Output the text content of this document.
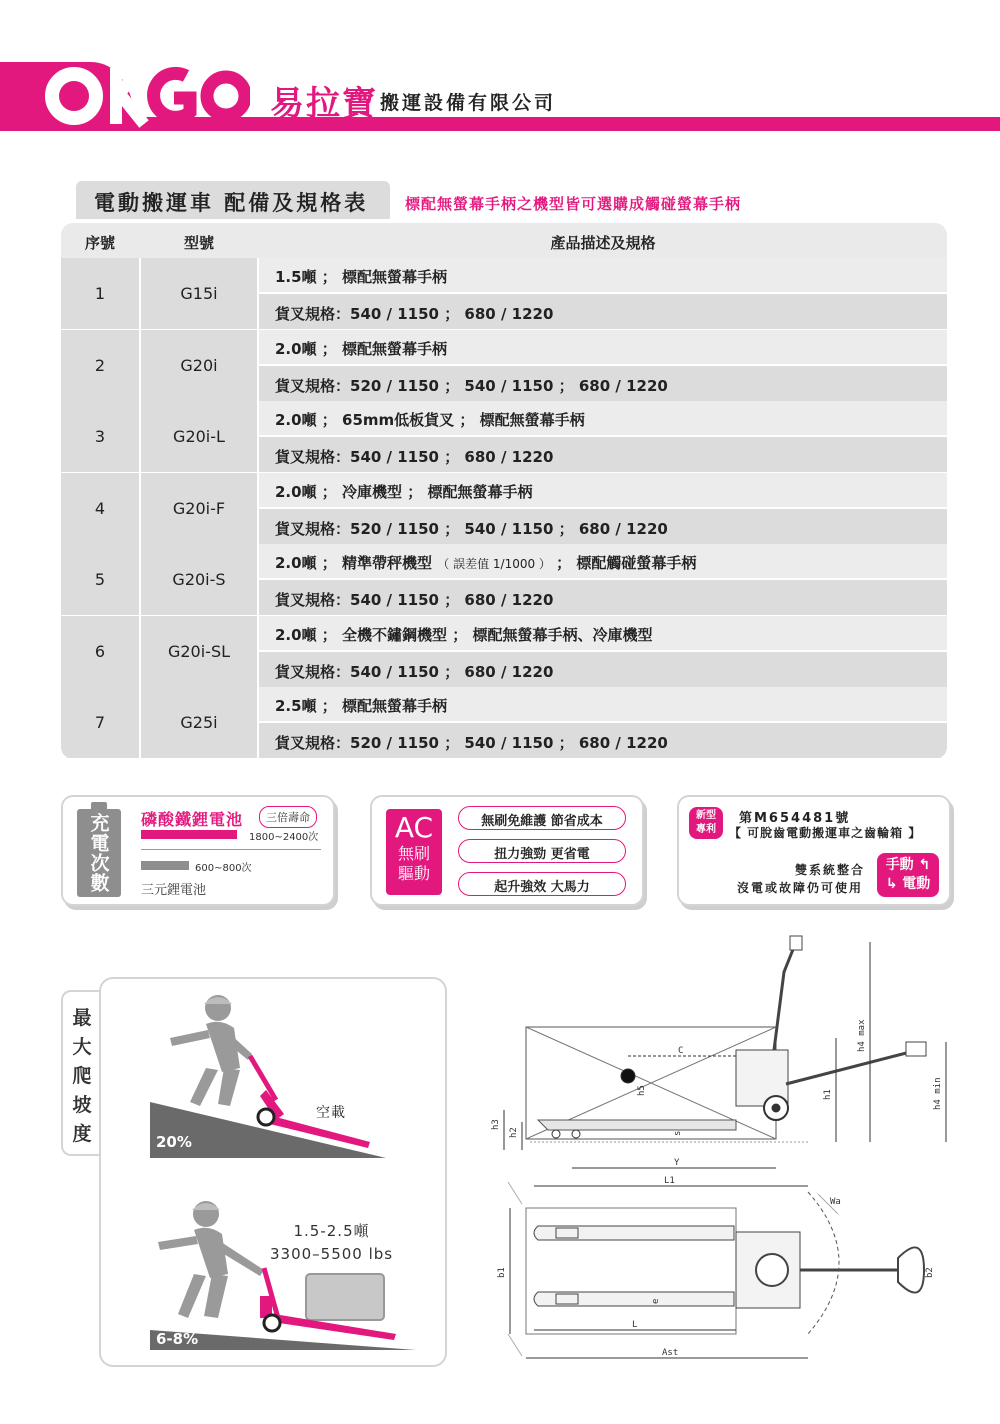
易拉寶 搬運設備有限公司
電動搬運車 配備及規格表	標配無螢幕手柄之機型皆可選購成觸碰螢幕手柄
序號	型號	產品描述及規格
1	G15i
1.5噸 ； 標配無螢幕手柄
貨叉規格：540 / 1150 ； 680 / 1220
2	G20i
2.0噸 ； 標配無螢幕手柄
貨叉規格：520 / 1150 ； 540 / 1150 ； 680 / 1220
3	G20i-L
2.0噸 ； 65mm低板貨叉 ； 標配無螢幕手柄
貨叉規格：540 / 1150 ； 680 / 1220
4	G20i-F
2.0噸 ； 冷庫機型 ； 標配無螢幕手柄
貨叉規格：520 / 1150 ； 540 / 1150 ； 680 / 1220
5	G20i-S
2.0噸 ； 精準帶秤機型 （ 誤差值 1/1000 ） ； 標配觸碰螢幕手柄
貨叉規格：540 / 1150 ； 680 / 1220
6	G20i-SL
2.0噸 ； 全機不鏽鋼機型 ； 標配無螢幕手柄、冷庫機型
貨叉規格：540 / 1150 ； 680 / 1220
7	G25i
2.5噸 ； 標配無螢幕手柄
貨叉規格：520 / 1150 ； 540 / 1150 ； 680 / 1220
充電次數	磷酸鐵鋰電池	三倍壽命
1800~2400次
600~800次
三元鋰電池
AC
無刷
驅動
無刷免維護 節省成本
扭力強勁 更省電
起升強效 大馬力
新型
專利
第M654481號
【 可脫齒電動搬運車之齒輪箱 】
雙系統整合
沒電或故障仍可使用
手動 ↰
↳ 電動
最
大
爬
坡
度
空載
20%
1.5-2.5噸
3300–5500 lbs
6-8%
C
h5
h3
h2	s
Y
L1
h1
h4 max
h4 min
Wa
b1
e
L
Ast
b2
